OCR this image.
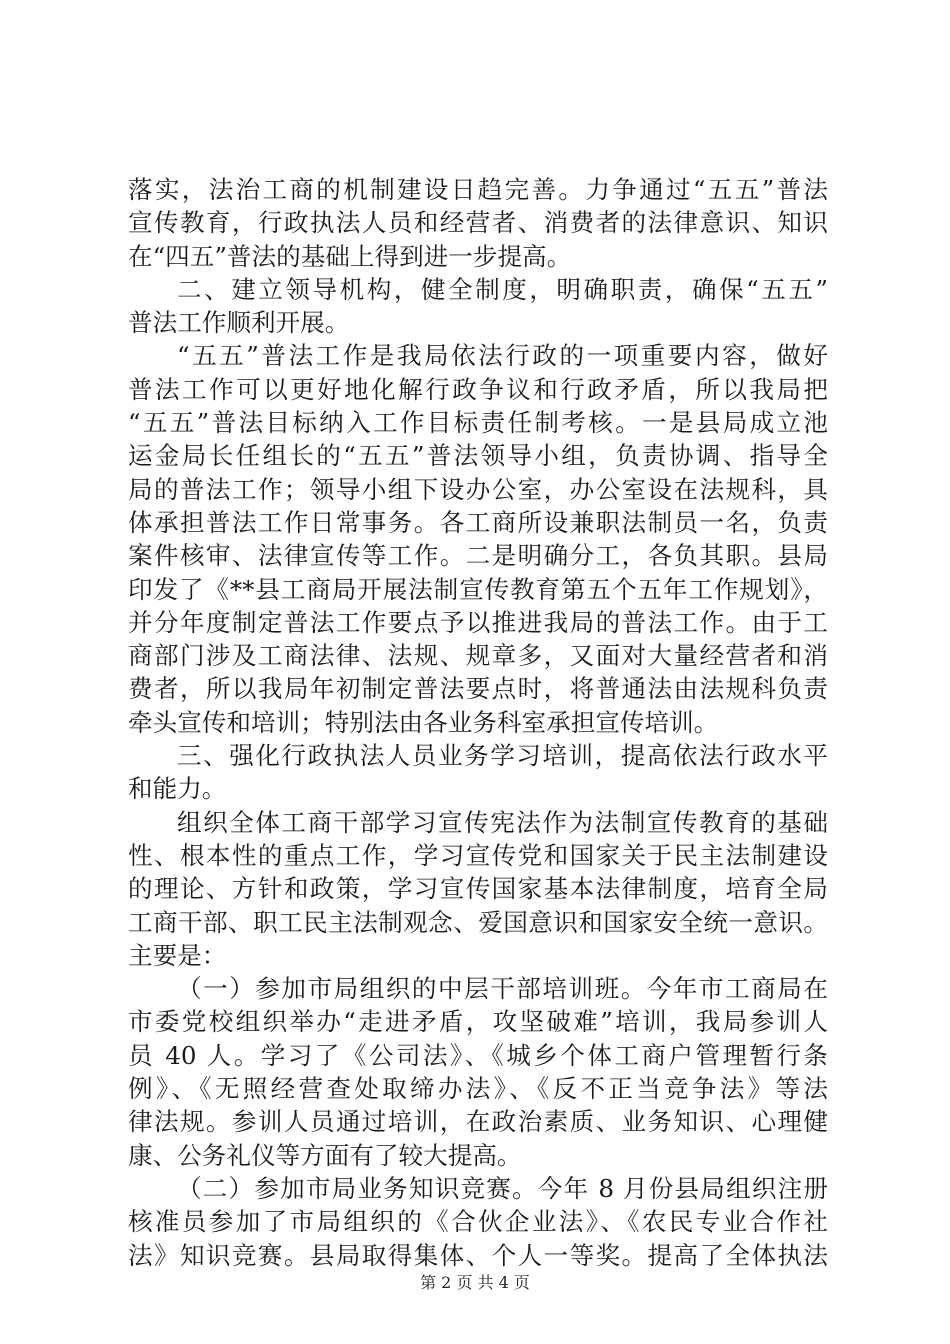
落实，法治工商的机制建设日趋完善。力争通过“五五”普法
宣传教育，行政执法人员和经营者、消费者的法律意识、知识
在“四五”普法的基础上得到进一步提高。
二、建立领导机构，健全制度，明确职责，确保“五五”
普法工作顺利开展。
“五五”普法工作是我局依法行政的一项重要内容，做好
普法工作可以更好地化解行政争议和行政矛盾，所以我局把
“五五”普法目标纳入工作目标责任制考核。一是县局成立池
运金局长任组长的“五五”普法领导小组，负责协调、指导全
局的普法工作；领导小组下设办公室，办公室设在法规科，具
体承担普法工作日常事务。各工商所设兼职法制员一名，负责
案件核审、法律宣传等工作。二是明确分工，各负其职。县局
印发了《**县工商局开展法制宣传教育第五个五年工作规划》，
并分年度制定普法工作要点予以推进我局的普法工作。由于工
商部门涉及工商法律、法规、规章多，又面对大量经营者和消
费者，所以我局年初制定普法要点时，将普通法由法规科负责
牵头宣传和培训；特别法由各业务科室承担宣传培训。
三、强化行政执法人员业务学习培训，提高依法行政水平
和能力。
组织全体工商干部学习宣传宪法作为法制宣传教育的基础
性、根本性的重点工作，学习宣传党和国家关于民主法制建设
的理论、方针和政策，学习宣传国家基本法律制度，培育全局
工商干部、职工民主法制观念、爱国意识和国家安全统一意识。
主要是：
（一）参加市局组织的中层干部培训班。今年市工商局在
市委党校组织举办“走进矛盾，攻坚破难”培训，我局参训人
员 40 人。学习了《公司法》、《城乡个体工商户管理暂行条
例》、《无照经营查处取缔办法》、《反不正当竞争法》等法
律法规。参训人员通过培训，在政治素质、业务知识、心理健
康、公务礼仪等方面有了较大提高。
（二）参加市局业务知识竞赛。今年 8 月份县局组织注册
核准员参加了市局组织的《合伙企业法》、《农民专业合作社
法》知识竞赛。县局取得集体、个人一等奖。提高了全体执法
第 2 页 共 4 页
